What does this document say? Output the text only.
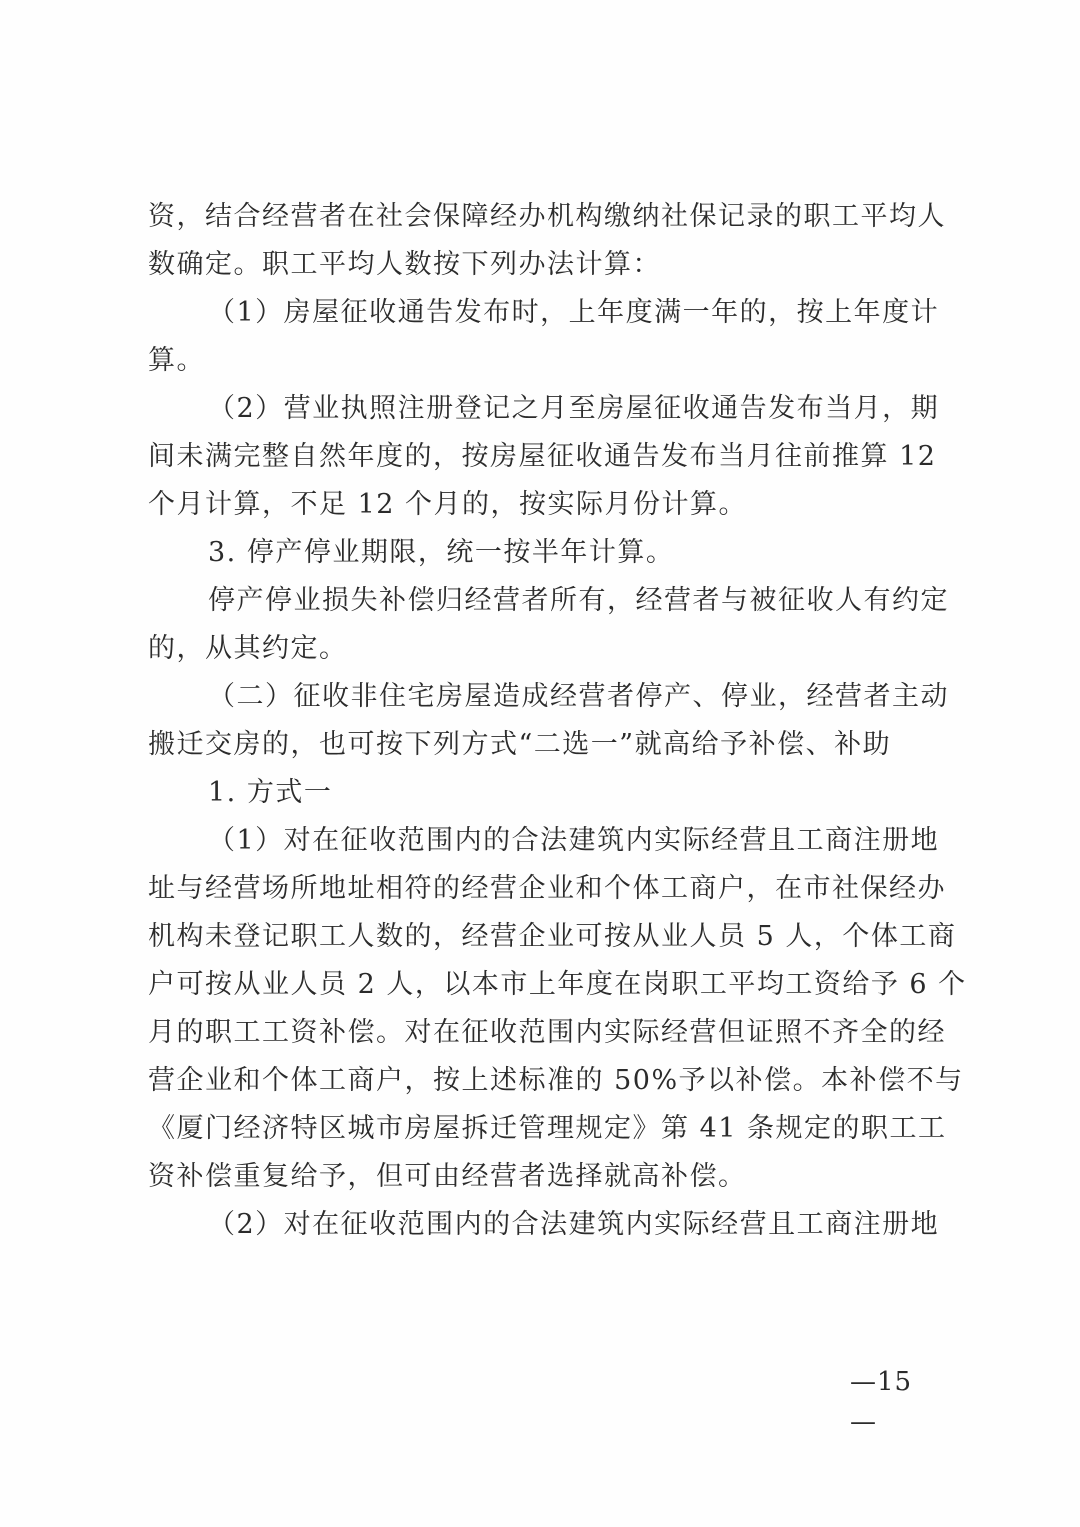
资，结合经营者在社会保障经办机构缴纳社保记录的职工平均人
数确定。职工平均人数按下列办法计算：
（1）房屋征收通告发布时，上年度满一年的，按上年度计
算。
（2）营业执照注册登记之月至房屋征收通告发布当月，期
间未满完整自然年度的，按房屋征收通告发布当月往前推算 12
个月计算，不足 12 个月的，按实际月份计算。
3. 停产停业期限，统一按半年计算。
停产停业损失补偿归经营者所有，经营者与被征收人有约定
的，从其约定。
（二）征收非住宅房屋造成经营者停产、停业，经营者主动
搬迁交房的，也可按下列方式“二选一”就高给予补偿、补助
1. 方式一
（1）对在征收范围内的合法建筑内实际经营且工商注册地
址与经营场所地址相符的经营企业和个体工商户，在市社保经办
机构未登记职工人数的，经营企业可按从业人员 5 人，个体工商
户可按从业人员 2 人，以本市上年度在岗职工平均工资给予 6 个
月的职工工资补偿。对在征收范围内实际经营但证照不齐全的经
营企业和个体工商户，按上述标准的 50%予以补偿。本补偿不与
《厦门经济特区城市房屋拆迁管理规定》第 41 条规定的职工工
资补偿重复给予，但可由经营者选择就高补偿。
（2）对在征收范围内的合法建筑内实际经营且工商注册地
—15—
